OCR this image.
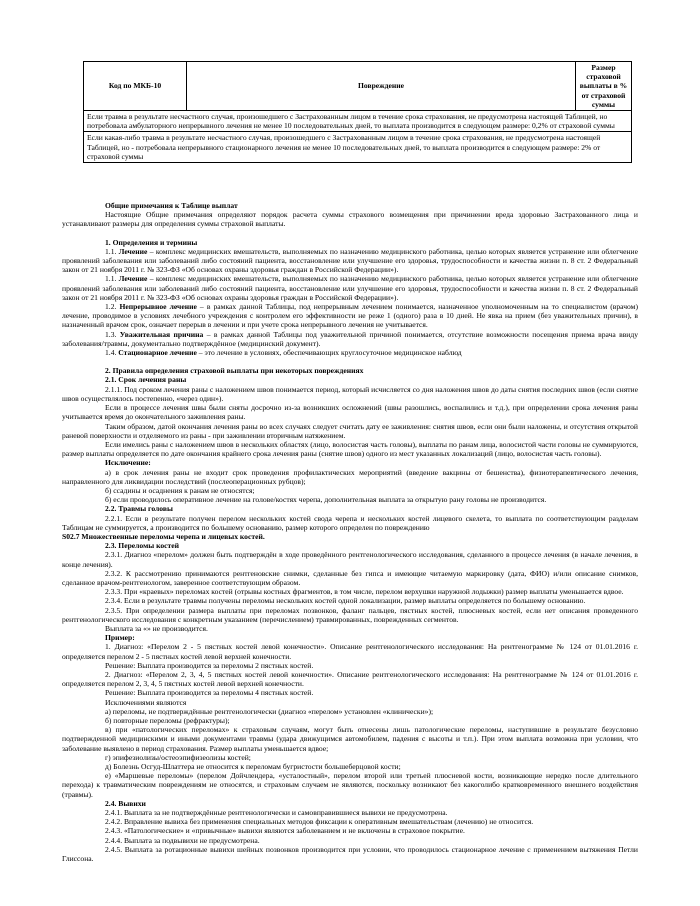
Код по МКБ-10	Повреждение	Размер страховой выплаты в % от страховой суммы
Если травма в результате несчастного случая, произошедшего с Застрахованным лицом в течение срока страхования, не предусмотрена настоящей Таблицей, но потребовала амбулаторного непрерывного лечения не менее 10 последовательных дней, то выплата производится в следующем размере: 0,2% от страховой суммы
Если какая-либо травма в результате несчастного случая, произошедшего с Застрахованным лицом в течение срока страхования, не предусмотрена настоящей Таблицей, но - потребовала непрерывного стационарного лечения не менее 10 последовательных дней, то выплата производится в следующем размере: 2% от страховой суммы

Общие примечания к Таблице выплат

Настоящие Общие примечания определяют порядок расчета суммы страхового возмещения при причинении вреда здоровью Застрахованного лица и устанавливают размеры для определения суммы страховой выплаты.

1. Определения и термины

1.1. Лечение – комплекс медицинских вмешательств, выполняемых по назначению медицинского работника, целью которых является устранение или облегчение проявлений заболевания или заболеваний либо состояний пациента, восстановление или улучшение его здоровья, трудоспособности и качества жизни п. 8 ст. 2 Федеральный закон от 21 ноября 2011 г. № 323-ФЗ «Об основах охраны здоровья граждан в Российской Федерации»).

1.1. Лечение – комплекс медицинских вмешательств, выполняемых по назначению медицинского работника, целью которых является устранение или облегчение проявлений заболевания или заболеваний либо состояний пациента, восстановление или улучшение его здоровья, трудоспособности и качества жизни п. 8 ст. 2 Федеральный закон от 21 ноября 2011 г. № 323-ФЗ «Об основах охраны здоровья граждан в Российской Федерации»).

1.2. Непрерывное лечение – в рамках данной Таблицы, под непрерывным лечением понимается, назначенное уполномоченным на то специалистом (врачом) лечение, проводимое в условиях лечебного учреждения с контролем его эффективности не реже 1 (одного) раза в 10 дней. Не явка на прием (без уважительных причин), в назначенный врачом срок, означает перерыв в лечении и при учете срока непрерывного лечения не учитывается.

1.3. Уважительная причина – в рамках данной Таблицы под уважительной причиной понимается, отсутствие возможности посещения приема врача ввиду заболевания/травмы, документально подтверждённое (медицинский документ).

1.4. Стационарное лечение – это лечение в условиях, обеспечивающих круглосуточное медицинское наблюд

2. Правила определения страховой выплаты при некоторых повреждениях

2.1. Срок лечения раны

2.1.1. Под сроком лечения раны с наложением швов понимается период, который исчисляется со дня наложения швов до даты снятия последних швов (если снятие швов осуществлялось постепенно, «через один»).

Если в процессе лечения швы были сняты досрочно из-за возникших осложнений (швы разошлись, воспалились и т.д.), при определении срока лечения раны учитывается время до окончательного заживления раны.

Таким образом, датой окончания лечения раны во всех случаях следует считать дату ее заживления: снятия швов, если они были наложены, и отсутствия открытой раневой поверхности и отделяемого из раны - при заживлении вторичным натяжением.

Если имелись раны с наложением швов в нескольких областях (лицо, волосистая часть головы), выплаты по ранам лица, волосистой части головы не суммируются, размер выплаты определяется по дате окончания крайнего срока лечения раны (снятие швов) одного из мест указанных локализаций (лицо, волосистая часть головы).

Исключение:

а) в срок лечения раны не входит срок проведения профилактических мероприятий (введение вакцины от бешенства), физиотерапевтического лечения, направленного для ликвидации последствий (послеоперационных рубцов);

б) ссадины и осаднения к ранам не относятся;

б) если проводилось оперативное лечение на голове/костях черепа, дополнительная выплата за открытую рану головы не производится.

2.2. Травмы головы

2.2.1. Если в результате получен перелом нескольких костей свода черепа и нескольких костей лицевого скелета, то выплата по соответствующим разделам Таблицам не суммируется, а производится по большему основанию, размер которого определен по повреждению

S02.7 Множественные переломы черепа и лицевых костей.

2.3. Переломы костей

2.3.1. Диагноз «перелом» должен быть подтверждён в ходе проведённого рентгенологического исследования, сделанного в процессе лечения (в начале лечения, в конце лечения).

2.3.2. К рассмотрению принимаются рентгеновские снимки, сделанные без гипса и имеющие читаемую маркировку (дата, ФИО) и/или описание снимков, сделанное врачом-рентгенологом, заверенное соответствующим образом.

2.3.3. При «краевых» переломах костей (отрывы костных фрагментов, в том числе, перелом верхушки наружной лодыжки) размер выплаты уменьшается вдвое.

2.3.4. Если в результате травмы получены переломы нескольких костей одной локализации, размер выплаты определяется по большему основанию.

2.3.5. При определении размера выплаты при переломах позвонков, фаланг пальцев, пястных костей, плюсневых костей, если нет описания проведенного рентгенологического исследования с конкретным указанием (перечислением) травмированных, поврежденных сегментов.

Выплата за «» не производится.

Пример:

1. Диагноз: «Перелом 2 - 5 пястных костей левой конечности». Описание рентгенологического исследования: На рентгенограмме № 124 от 01.01.2016 г. определяется перелом 2 - 5 пястных костей левой верхней конечности.

Решение: Выплата производится за переломы 2 пястных костей.

2. Диагноз: «Перелом 2, 3, 4, 5 пястных костей левой конечности». Описание рентгенологического исследования: На рентгенограмме № 124 от 01.01.2016 г. определяется перелом 2, 3, 4, 5 пястных костей левой верхней конечности.

Решение: Выплата производится за переломы 4 пястных костей.

Исключениями являются

а) переломы, не подтверждённые рентгенологически (диагноз «перелом» установлен «клинически»);

б) повторные переломы (рефрактуры);

в) при «патологических переломах» к страховым случаям, могут быть отнесены лишь патологические переломы, наступившие в результате безусловно подтвержденной медицинскими и иными документами травмы (удара движущимся автомобилем, падения с высоты и т.п.). При этом выплата возможна при условии, что заболевание выявлено в период страхования. Размер выплаты уменьшается вдвое;

г) эпифезиолизы/остеоэпифизеолизы костей;

д) Болезнь Осгуд-Шлаттера не относится к переломам бугристости большеберцовой кости;

е) «Маршевые переломы» (перелом Дойчлендера, «усталостный», перелом второй или третьей плюсневой кости, возникающие нередко после длительного перехода) к травматическим повреждениям не относятся, и страховым случаем не являются, поскольку возникают без какоголибо кратковременного внешнего воздействия (травмы).

2.4. Вывихи

2.4.1. Выплата за не подтверждённые рентгенологически и самовправившиеся вывихи не предусмотрена.

2.4.2. Вправление вывиха без применения специальных методов фиксации к оперативным вмешательствам (лечению) не относится.

2.4.3. «Патологические» и «привычные» вывихи являются заболеванием и не включены в страховое покрытие.

2.4.4. Выплата за подвывихи не предусмотрена.

2.4.5. Выплата за ротационные вывихи шейных позвонков производится при условии, что проводилось стационарное лечение с применением вытяжения Петли Глиссона.
